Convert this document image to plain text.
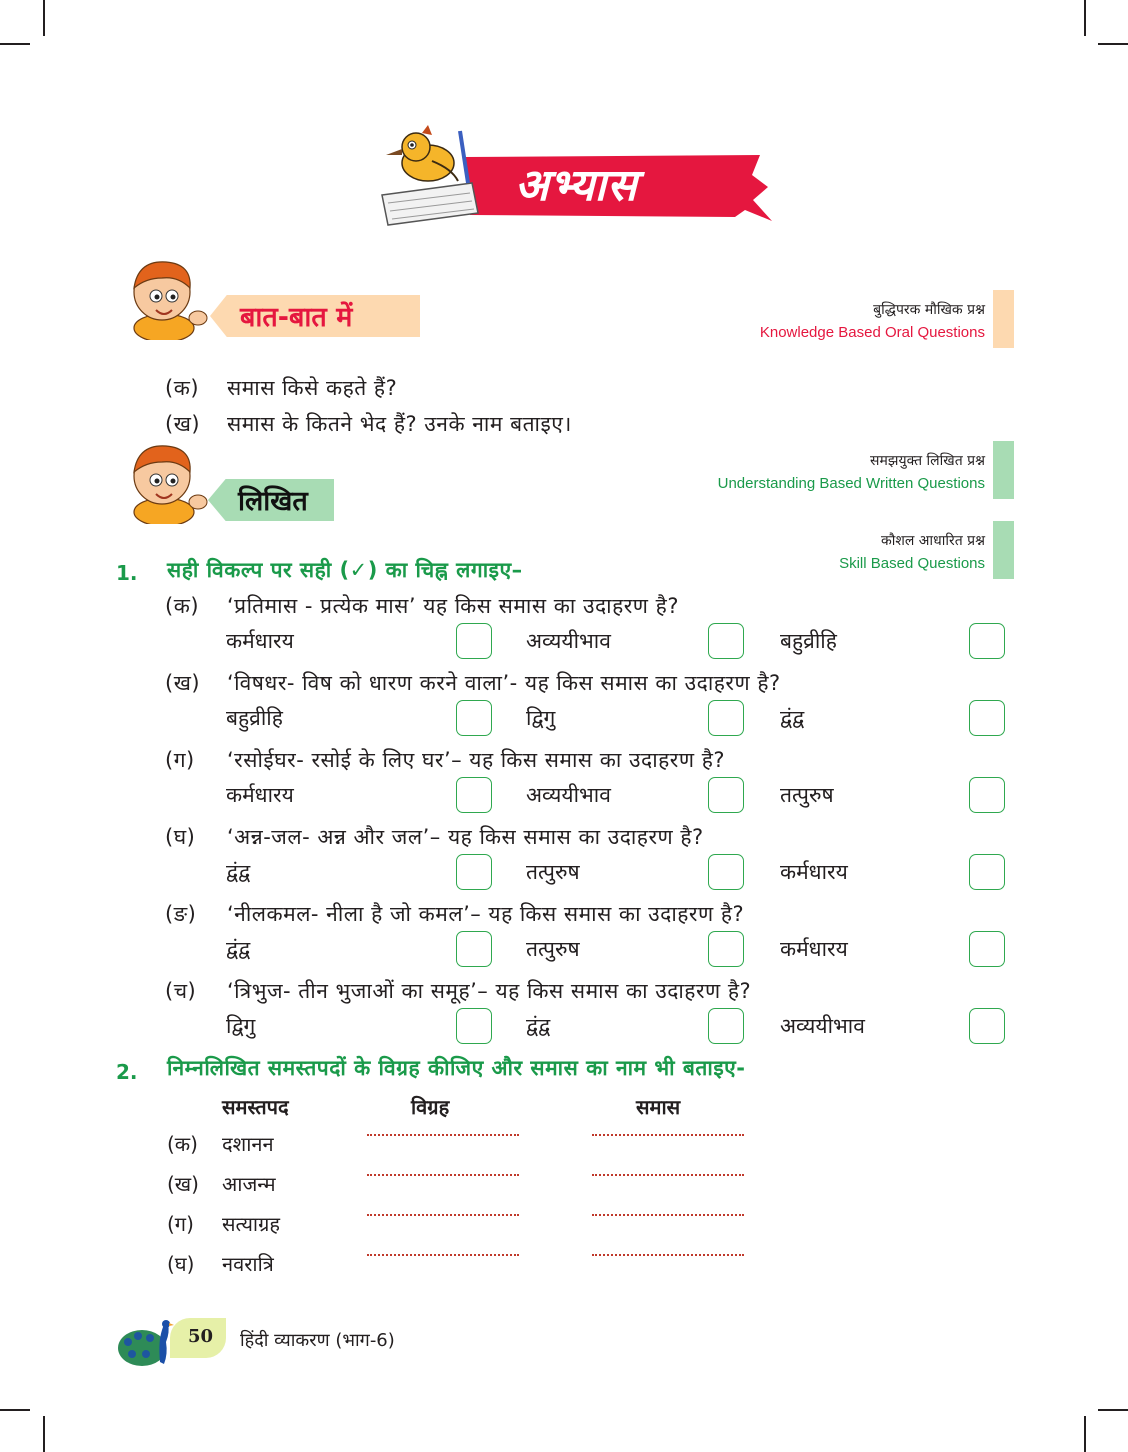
अभ्यास
बात-बात में	बुद्धिपरक मौखिक प्रश्न
Knowledge Based Oral Questions
(क) समास किसे कहते हैं?
(ख) समास के कितने भेद हैं? उनके नाम बताइए।
लिखित
समझयुक्त लिखित प्रश्न
Understanding Based Written Questions
कौशल आधारित प्रश्न
Skill Based Questions
1. सही विकल्प पर सही (✓) का चिह्न लगाइए–
(क) ‘प्रतिमास - प्रत्येक मास’ यह किस समास का उदाहरण है?
कर्मधारय	अव्ययीभाव	बहुव्रीहि
(ख) ‘विषधर- विष को धारण करने वाला’- यह किस समास का उदाहरण है?
बहुव्रीहि	द्विगु	द्वंद्व
(ग) ‘रसोईघर- रसोई के लिए घर’– यह किस समास का उदाहरण है?
कर्मधारय	अव्ययीभाव	तत्पुरुष
(घ) ‘अन्न-जल- अन्न और जल’– यह किस समास का उदाहरण है?
द्वंद्व	तत्पुरुष	कर्मधारय
(ङ) ‘नीलकमल- नीला है जो कमल’– यह किस समास का उदाहरण है?
द्वंद्व	तत्पुरुष	कर्मधारय
(च) ‘त्रिभुज- तीन भुजाओं का समूह’– यह किस समास का उदाहरण है?
द्विगु	द्वंद्व	अव्ययीभाव
2. निम्नलिखित समस्तपदों के विग्रह कीजिए और समास का नाम भी बताइए-
समस्तपद	विग्रह	समास
(क) दशानन
(ख) आजन्म
(ग) सत्याग्रह
(घ) नवरात्रि
50 हिंदी व्याकरण (भाग-6)
